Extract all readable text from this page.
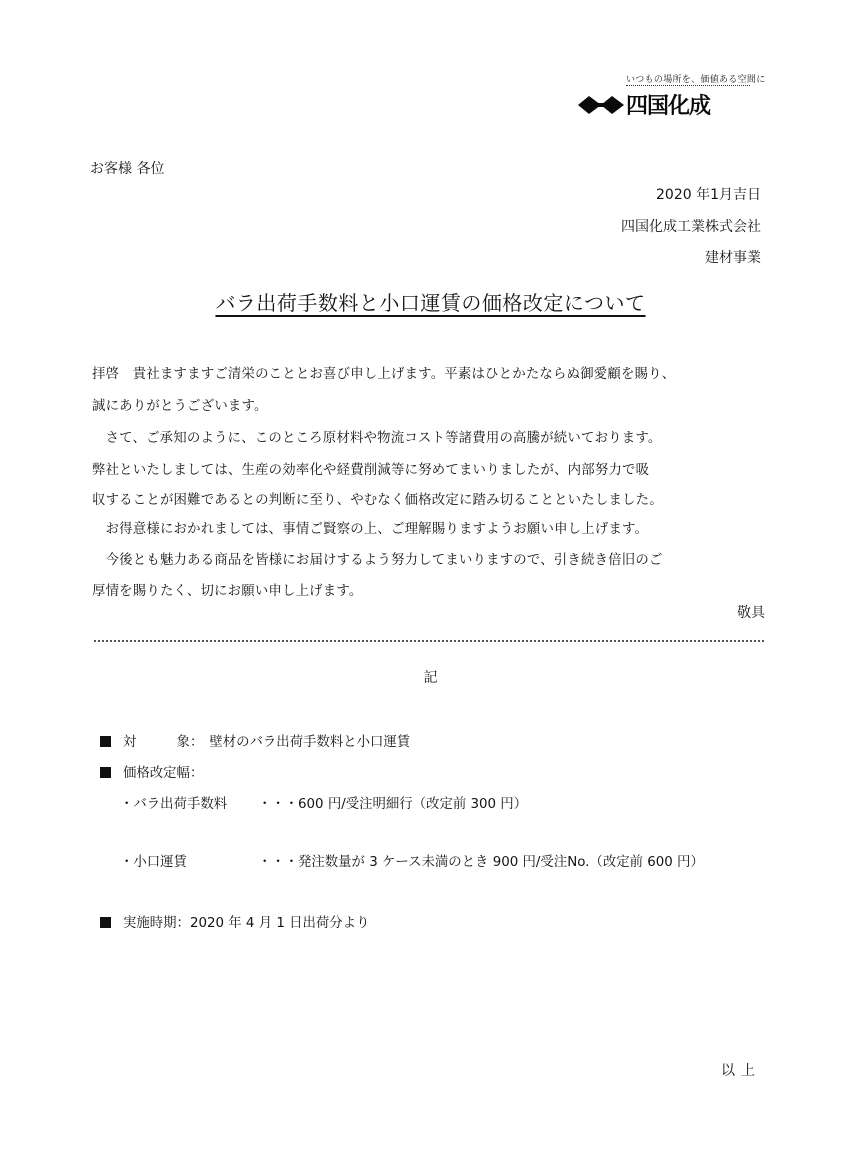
いつもの場所を、価値ある空間に
四国化成
お客様 各位
2020 年1月吉日
四国化成工業株式会社
建材事業
バラ出荷手数料と小口運賃の価格改定について
拝啓　貴社ますますご清栄のこととお喜び申し上げます。平素はひとかたならぬ御愛顧を賜り、
誠にありがとうございます。
　さて、ご承知のように、このところ原材料や物流コスト等諸費用の高騰が続いております。
弊社といたしましては、生産の効率化や経費削減等に努めてまいりましたが、内部努力で吸
収することが困難であるとの判断に至り、やむなく価格改定に踏み切ることといたしました。
　お得意様におかれましては、事情ご賢察の上、ご理解賜りますようお願い申し上げます。
　今後とも魅力ある商品を皆様にお届けするよう努力してまいりますので、引き続き倍旧のご
厚情を賜りたく、切にお願い申し上げます。
敬具
記
対　　　象： 壁材のバラ出荷手数料と小口運賃
価格改定幅：
・バラ出荷手数料 ・・・ 600 円/受注明細行（改定前 300 円）
・小口運賃	・・・ 発注数量が 3 ケース未満のとき 900 円/受注No.（改定前 600 円）
実施時期：2020 年 4 月 1 日出荷分より
以上
